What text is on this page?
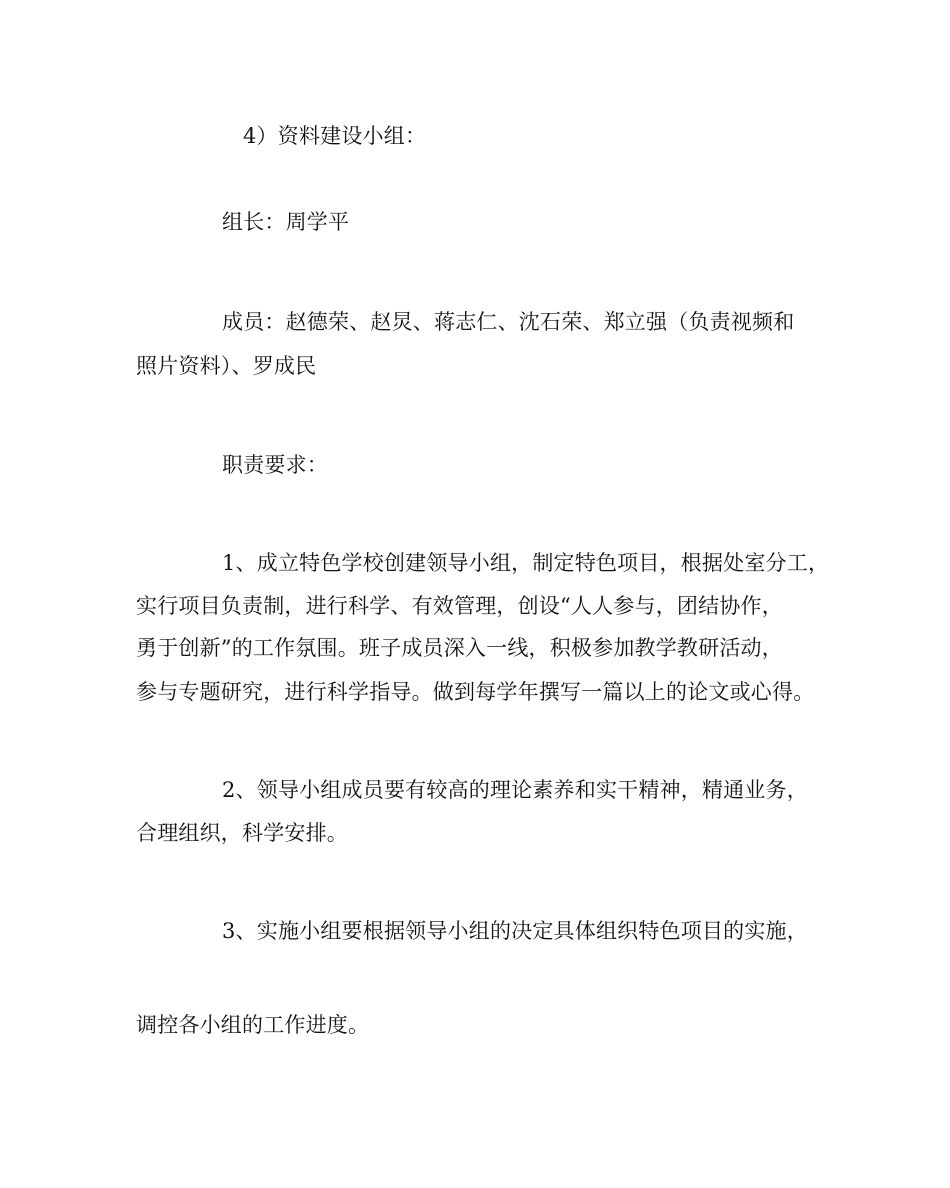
4）资料建设小组：
组长：周学平
成员：赵德荣、赵炅、蒋志仁、沈石荣、郑立强（负责视频和
照片资料）、罗成民
职责要求：
1、成立特色学校创建领导小组，制定特色项目，根据处室分工，
实行项目负责制，进行科学、有效管理，创设“人人参与，团结协作，
勇于创新”的工作氛围。班子成员深入一线，积极参加教学教研活动，
参与专题研究，进行科学指导。做到每学年撰写一篇以上的论文或心得。
2、领导小组成员要有较高的理论素养和实干精神，精通业务，
合理组织，科学安排。
3、实施小组要根据领导小组的决定具体组织特色项目的实施，
调控各小组的工作进度。
